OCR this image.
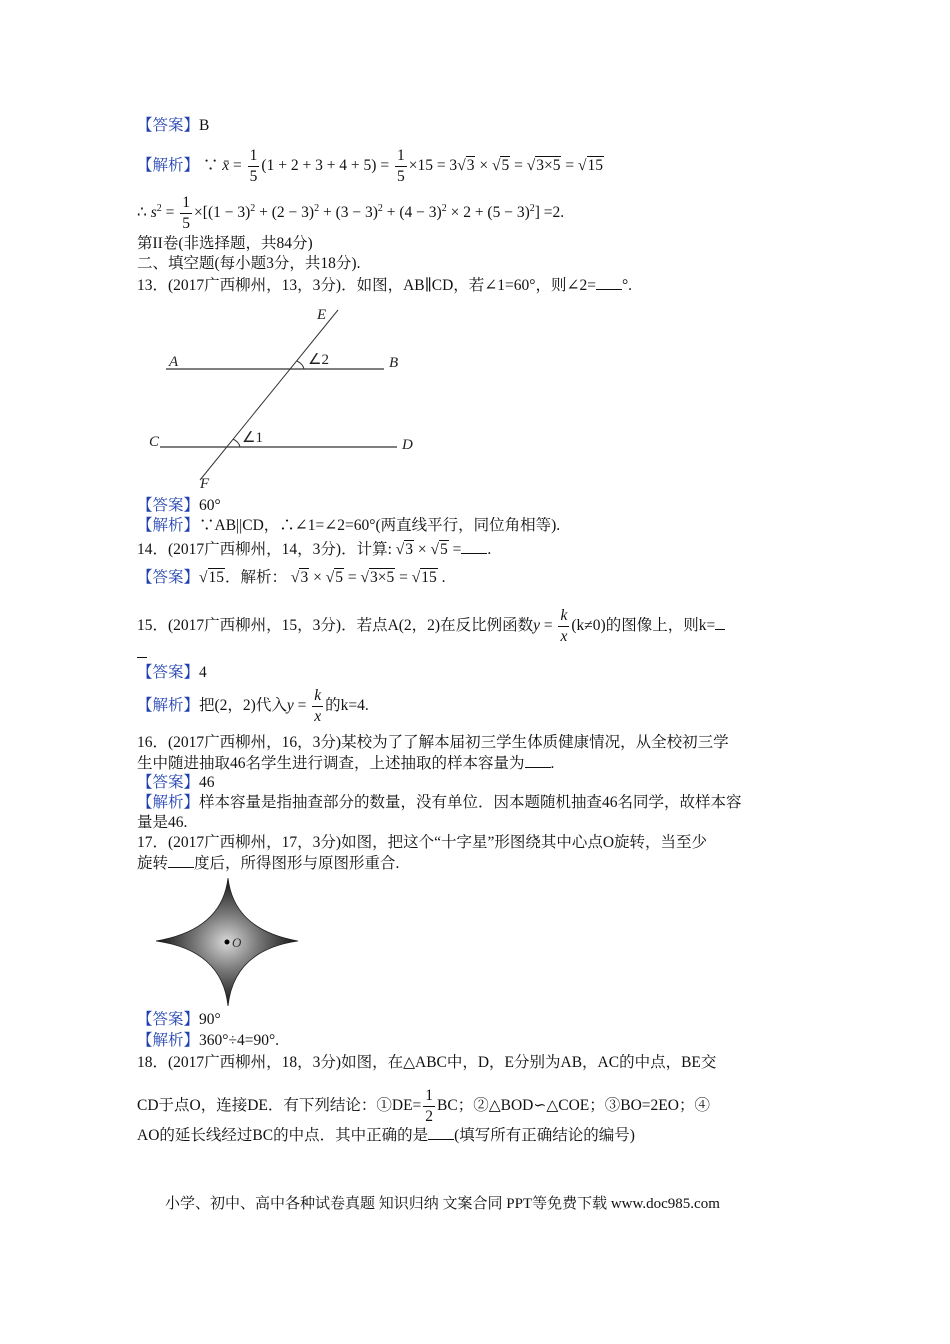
【答案】B
【解析】 ∵ x̄ = $\frac{1}{5} (1 + 2 + 3 + 4 + 5) = \frac{1}{5} \times 15 = 3√3 \times √5 = √3\times 5 = √15$
∴ $s^2 = \frac{1}{5} \times[(1 - 3)^2 + (2 - 3)^2 + (3 - 3)^2 + (4 - 3)^2 \times 2 + (5 - 3)^2] =2$.
第II卷(非选择题，共84分)
二、填空题(每小题3分，共18分).
13．(2017广西柳州，13，3分)．如图，AB∥CD，若∠1=60°，则∠2= °.
E
A	B
C	D
F
∠2
∠1
【答案】60°
【解析】∵AB||CD，∴∠1=∠2=60°(两直线平行，同位角相等).
14．(2017广西柳州，14，3分)．计算: √3 × √5 = .
【答案】√15．解析： √3 × √5 = √3×5 = √15 .
15．(2017广西柳州，15，3分)．若点A(2，2)在反比例函数$y = \frac{k}{x} (k\ne 0)$的图像上，则k=
【答案】4
【解析】把(2，2)代入$y = \frac{k}{x}$ 的k=4.
16．(2017广西柳州，16，3分)某校为了了解本届初三学生体质健康情况，从全校初三学
生中随进抽取46名学生进行调查，上述抽取的样本容量为 .
【答案】46
【解析】样本容量是指抽查部分的数量，没有单位．因本题随机抽查46名同学，故样本容
量是46.
17．(2017广西柳州，17，3分)如图，把这个“十字星”形图绕其中心点O旋转，当至少
旋转 度后，所得图形与原图形重合.
O
【答案】90°
【解析】360°÷4=90°.
18．(2017广西柳州，18，3分)如图，在△ABC中，D，E分别为AB，AC的中点，BE交
CD于点O，连接DE．有下列结论：①DE= $\frac{1}{2}$ BC；②△BOD∽△COE；③BO=2EO；④
AO的延长线经过BC的中点．其中正确的是 (填写所有正确结论的编号)
小学、初中、高中各种试卷真题 知识归纳 文案合同 PPT等免费下载 www.doc985.com
